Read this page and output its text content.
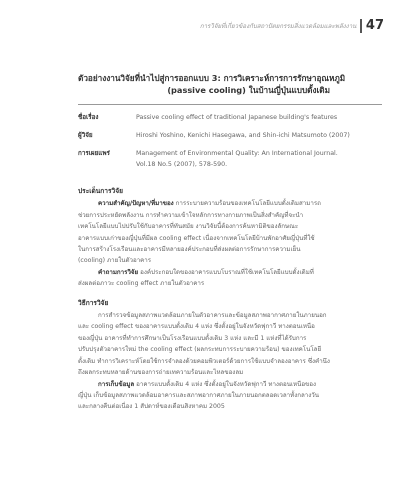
การวิจัยที่เกี่ยวข้องกับสถาปัตยกรรมสิ่งแวดล้อมและพลังงาน 47
ตัวอย่างงานวิจัยที่นำไปสู่การออกแบบ 3: การวิเคราะห์การการรักษาอุณหภูมิ
(passive cooling) ในบ้านญี่ปุ่นแบบดั้งเดิม
ชื่อเรื่อง	Passive cooling effect of traditional Japanese building's features
ผู้วิจัย	Hiroshi Yoshino, Kenichi Hasegawa, and Shin-ichi Matsumoto (2007)
การเผยแพร่	Management of Environmental Quality: An International Journal.
Vol.18 No.5 (2007), 578-590.
ประเด็นการวิจัย
ความสำคัญ/ปัญหา/ที่มาของ การระบายความร้อนของเทคโนโลยีแบบดั้งเดิมสามารถ
ช่วยการประหยัดพลังงาน การทำความเข้าใจหลักการทางกายภาพเป็นสิ่งสำคัญที่จะนำ
เทคโนโลยีแบบไปปรับใช้กับอาคารที่ทันสมัย งานวิจัยนี้ต้องการค้นหามิติของลักษณะ
อาคารแบบเก่าของญี่ปุ่นที่มีผล cooling effect เนื่องจากเทคโนโลยีบ้านพักอาศัยญี่ปุ่นที่ใช้
ในการสร้างโรงเรือนและอาคารมีหลายองค์ประกอบที่ส่งผลต่อการรักษาการความเย็น
(cooling) ภายในตัวอาคาร
คำถามการวิจัย องค์ประกอบใดของอาคารแบบโบราณที่ใช้เทคโนโลยีแบบดั้งเดิมที่
ส่งผลต่อภาวะ cooling effect ภายในตัวอาคาร
วิธีการวิจัย
การสำรวจข้อมูลสภาพแวดล้อมภายในตัวอาคารและข้อมูลสภาพอากาศภายในภายนอก
และ cooling effect ของอาคารแบบดั้งเดิม 4 แห่ง ซึ่งตั้งอยู่ในจังหวัดฟุกาวี ทางตอนเหนือ
ของญี่ปุ่น อาคารที่ทำการศึกษาเป็นโรงเรือนแบบดั้งเดิม 3 แห่ง และมี 1 แห่งที่ได้รับการ
ปรับปรุงตัวอาคารใหม่ the cooling effect (ผลกระทบการระบายความร้อน) ของเทคโนโลยี
ดั้งเดิม ทำการวิเคราะห์โดยใช้การจำลองด้วยคอมพิวเตอร์ด้วยการใช้แบบจำลองอาคาร ซึ่งคำนึง
ถึงผลกระทบหลายด้านของการถ่ายเทความร้อนและไหลของลม
การเก็บข้อมูล อาคารแบบดั้งเดิม 4 แห่ง ซึ่งตั้งอยู่ในจังหวัดฟุกาวี ทางตอนเหนือของ
ญี่ปุ่น เก็บข้อมูลสภาพแวดล้อมอาคารและสภาพอากาศภายในภายนอกตลอดเวลาทั้งกลางวัน
และกลางคืนต่อเนื่อง 1 สัปดาห์ของเดือนสิงหาคม 2005
